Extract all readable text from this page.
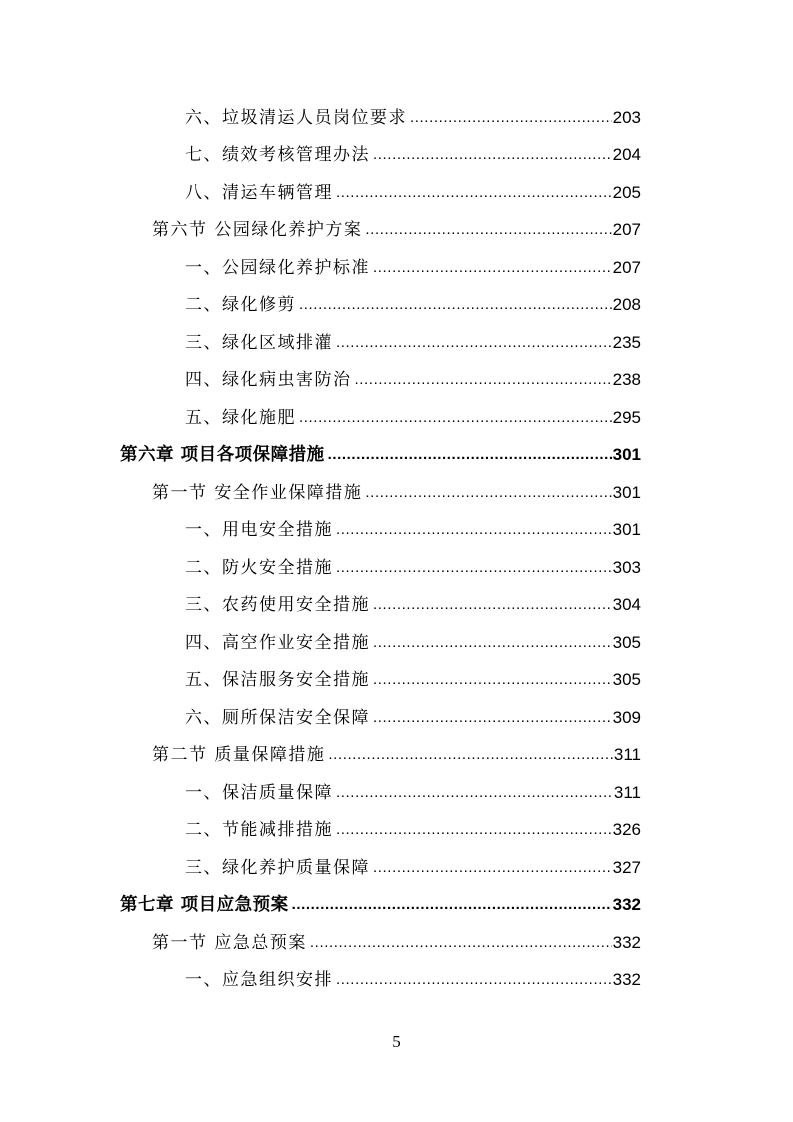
六、垃圾清运人员岗位要求 .....	203
七、绩效考核管理办法 .....	204
八、清运车辆管理 .....	205
第六节 公园绿化养护方案 .....	207
一、公园绿化养护标准 .....	207
二、绿化修剪 .....	208
三、绿化区域排灌 .....	235
四、绿化病虫害防治 .....	238
五、绿化施肥 .....	295
第六章 项目各项保障措施 .....	301
第一节 安全作业保障措施 .....	301
一、用电安全措施 .....	301
二、防火安全措施 .....	303
三、农药使用安全措施 .....	304
四、高空作业安全措施 .....	305
五、保洁服务安全措施 .....	305
六、厕所保洁安全保障 .....	309
第二节 质量保障措施 .....	311
一、保洁质量保障 .....	311
二、节能减排措施 .....	326
三、绿化养护质量保障 .....	327
第七章 项目应急预案 .....	332
第一节 应急总预案 .....	332
一、应急组织安排 .....	332
5
